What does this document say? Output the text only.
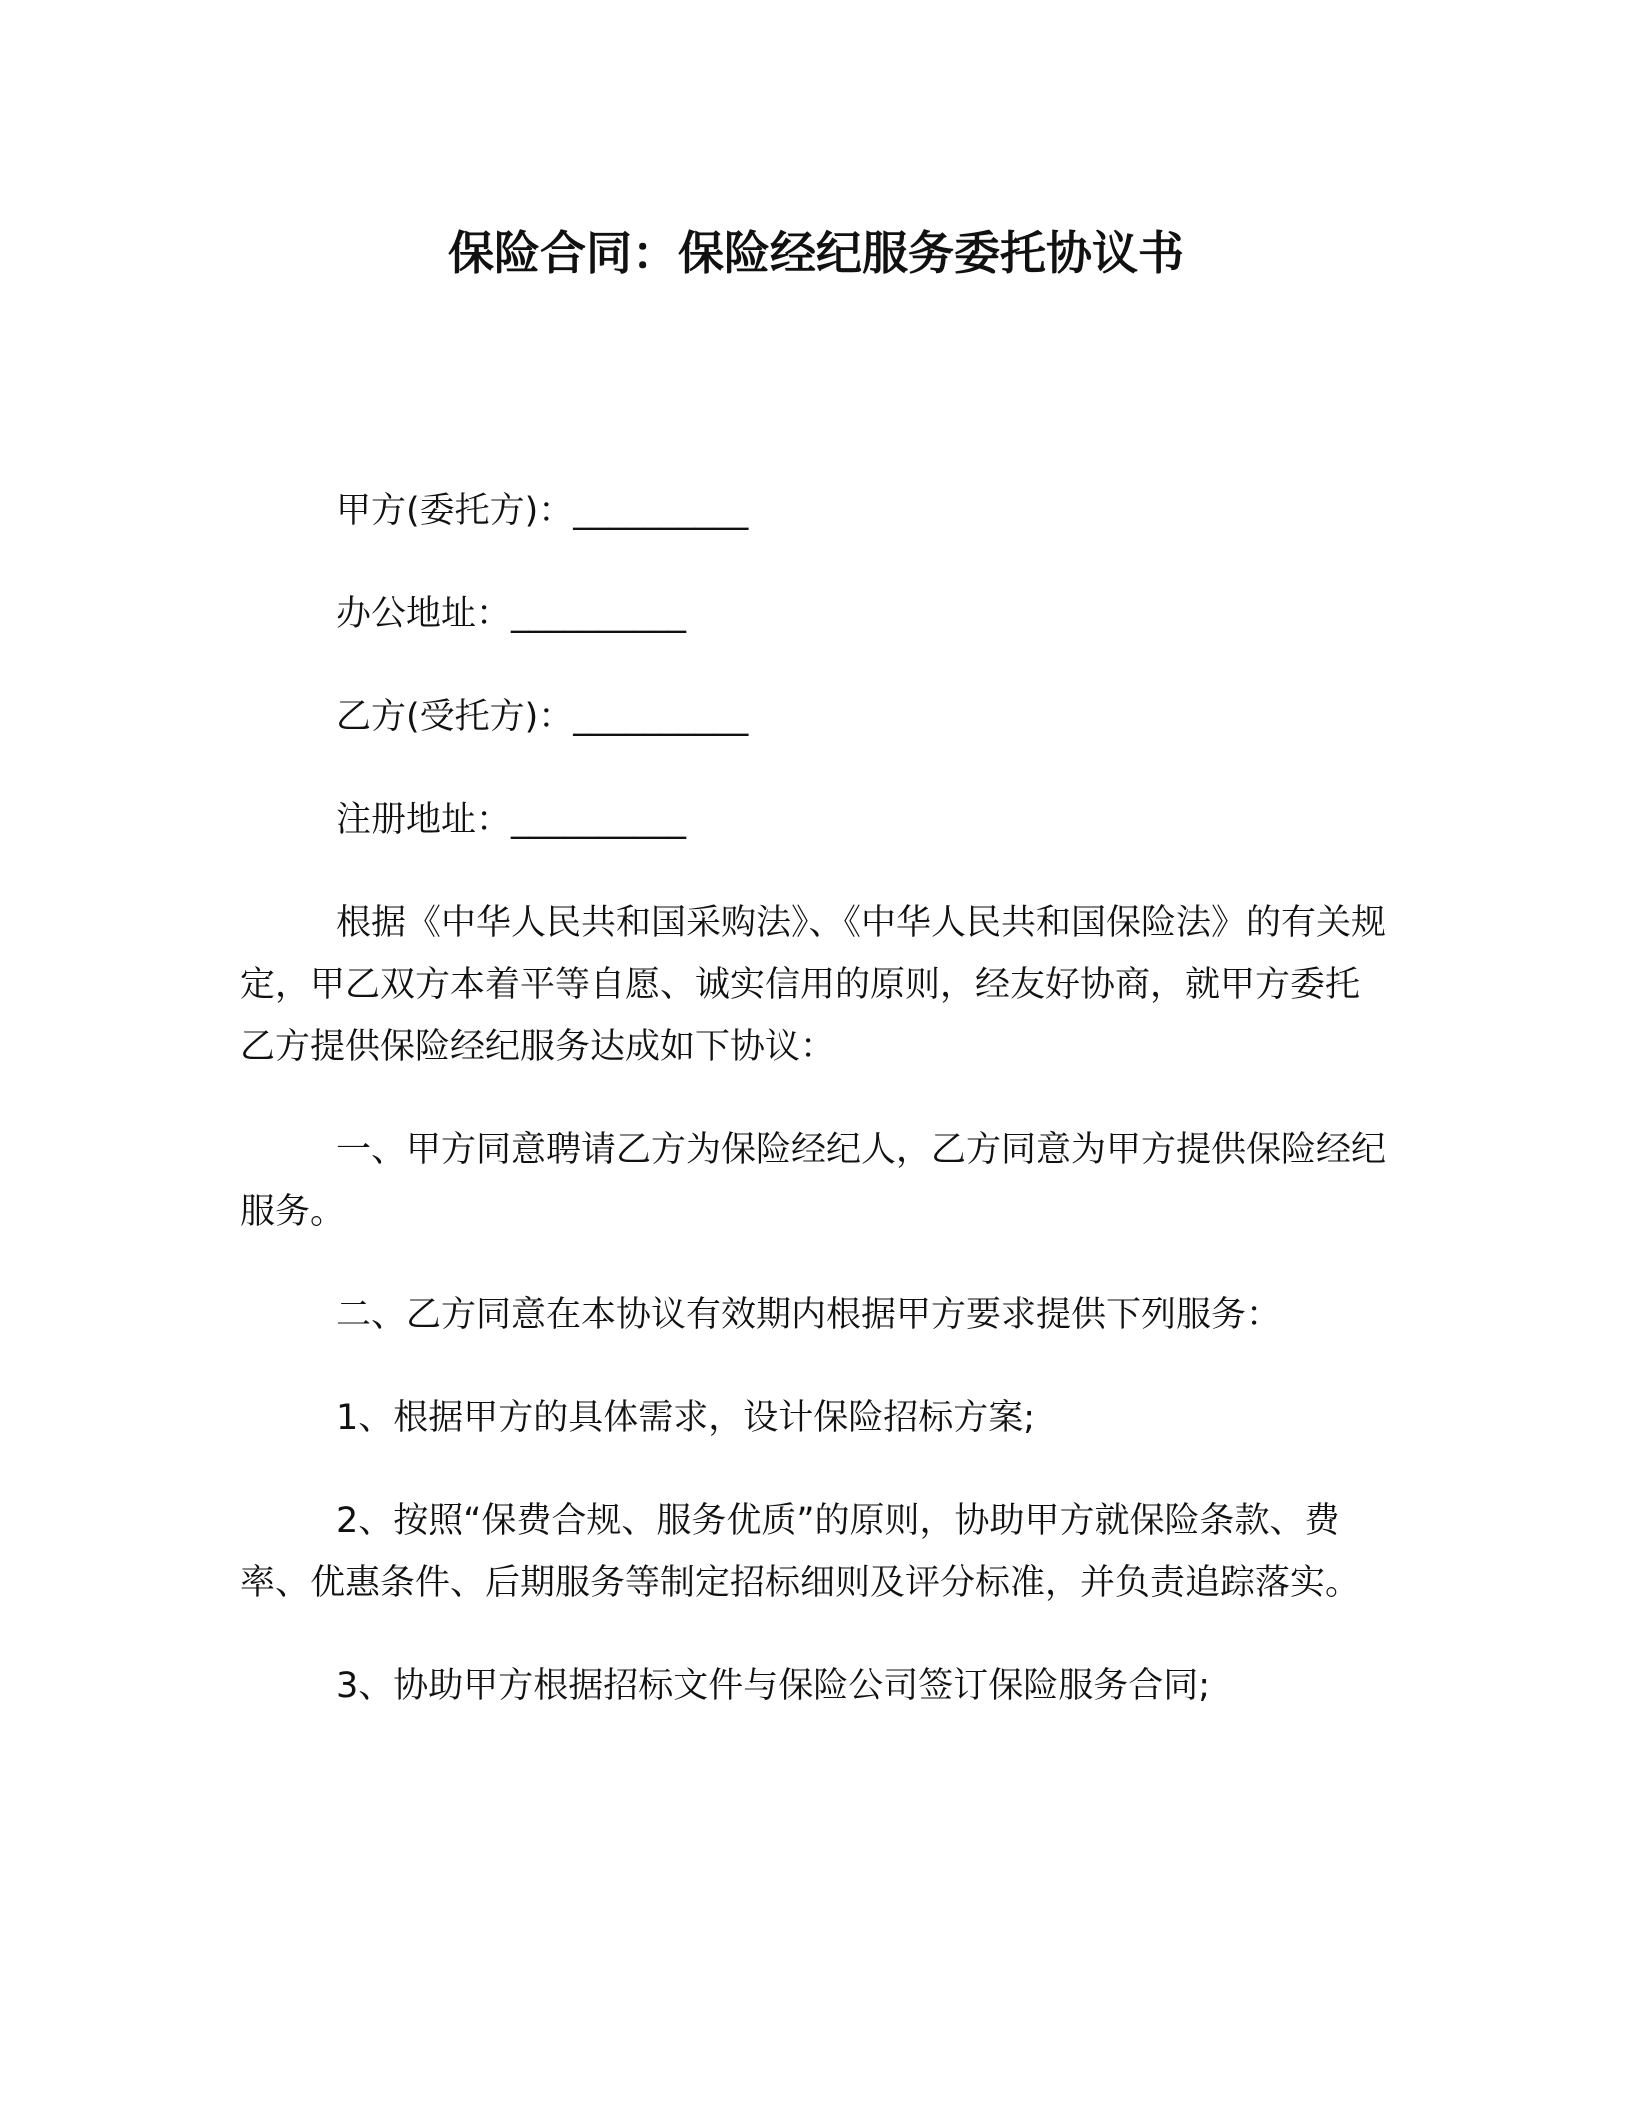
保险合同：保险经纪服务委托协议书

甲方(委托方)：__________

办公地址：__________

乙方(受托方)：__________

注册地址：__________

根据《中华人民共和国采购法》、《中华人民共和国保险法》的有关规定，甲乙双方本着平等自愿、诚实信用的原则，经友好协商，就甲方委托乙方提供保险经纪服务达成如下协议：

一、甲方同意聘请乙方为保险经纪人，乙方同意为甲方提供保险经纪服务。

二、乙方同意在本协议有效期内根据甲方要求提供下列服务：

1、根据甲方的具体需求，设计保险招标方案;

2、按照“保费合规、服务优质”的原则，协助甲方就保险条款、费率、优惠条件、后期服务等制定招标细则及评分标准，并负责追踪落实。

3、协助甲方根据招标文件与保险公司签订保险服务合同;
